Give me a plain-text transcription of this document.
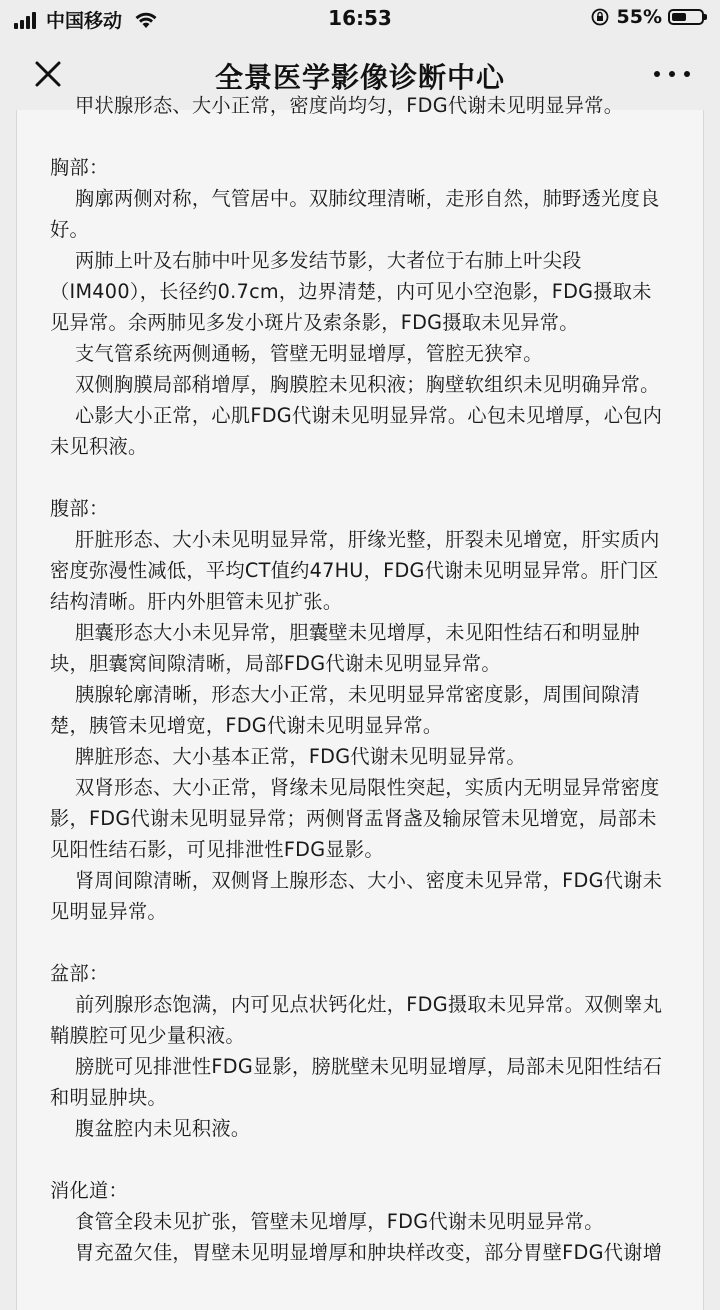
中国移动	16:53	55%
全景医学影像诊断中心
甲状腺形态、大小正常，密度尚均匀，FDG代谢未见明显异常。
胸部：
胸廓两侧对称，气管居中。双肺纹理清晰，走形自然，肺野透光度良
好。
两肺上叶及右肺中叶见多发结节影，大者位于右肺上叶尖段
（IM400），长径约0.7cm，边界清楚，内可见小空泡影，FDG摄取未
见异常。余两肺见多发小斑片及索条影，FDG摄取未见异常。
支气管系统两侧通畅，管壁无明显增厚，管腔无狭窄。
双侧胸膜局部稍增厚，胸膜腔未见积液；胸壁软组织未见明确异常。
心影大小正常，心肌FDG代谢未见明显异常。心包未见增厚，心包内
未见积液。
腹部：
肝脏形态、大小未见明显异常，肝缘光整，肝裂未见增宽，肝实质内
密度弥漫性减低，平均CT值约47HU，FDG代谢未见明显异常。肝门区
结构清晰。肝内外胆管未见扩张。
胆囊形态大小未见异常，胆囊壁未见增厚，未见阳性结石和明显肿
块，胆囊窝间隙清晰，局部FDG代谢未见明显异常。
胰腺轮廓清晰，形态大小正常，未见明显异常密度影，周围间隙清
楚，胰管未见增宽，FDG代谢未见明显异常。
脾脏形态、大小基本正常，FDG代谢未见明显异常。
双肾形态、大小正常，肾缘未见局限性突起，实质内无明显异常密度
影，FDG代谢未见明显异常；两侧肾盂肾盏及输尿管未见增宽，局部未
见阳性结石影，可见排泄性FDG显影。
肾周间隙清晰，双侧肾上腺形态、大小、密度未见异常，FDG代谢未
见明显异常。
盆部：
前列腺形态饱满，内可见点状钙化灶，FDG摄取未见异常。双侧睾丸
鞘膜腔可见少量积液。
膀胱可见排泄性FDG显影，膀胱壁未见明显增厚，局部未见阳性结石
和明显肿块。
腹盆腔内未见积液。
消化道：
食管全段未见扩张，管壁未见增厚，FDG代谢未见明显异常。
胃充盈欠佳，胃壁未见明显增厚和肿块样改变，部分胃壁FDG代谢增
